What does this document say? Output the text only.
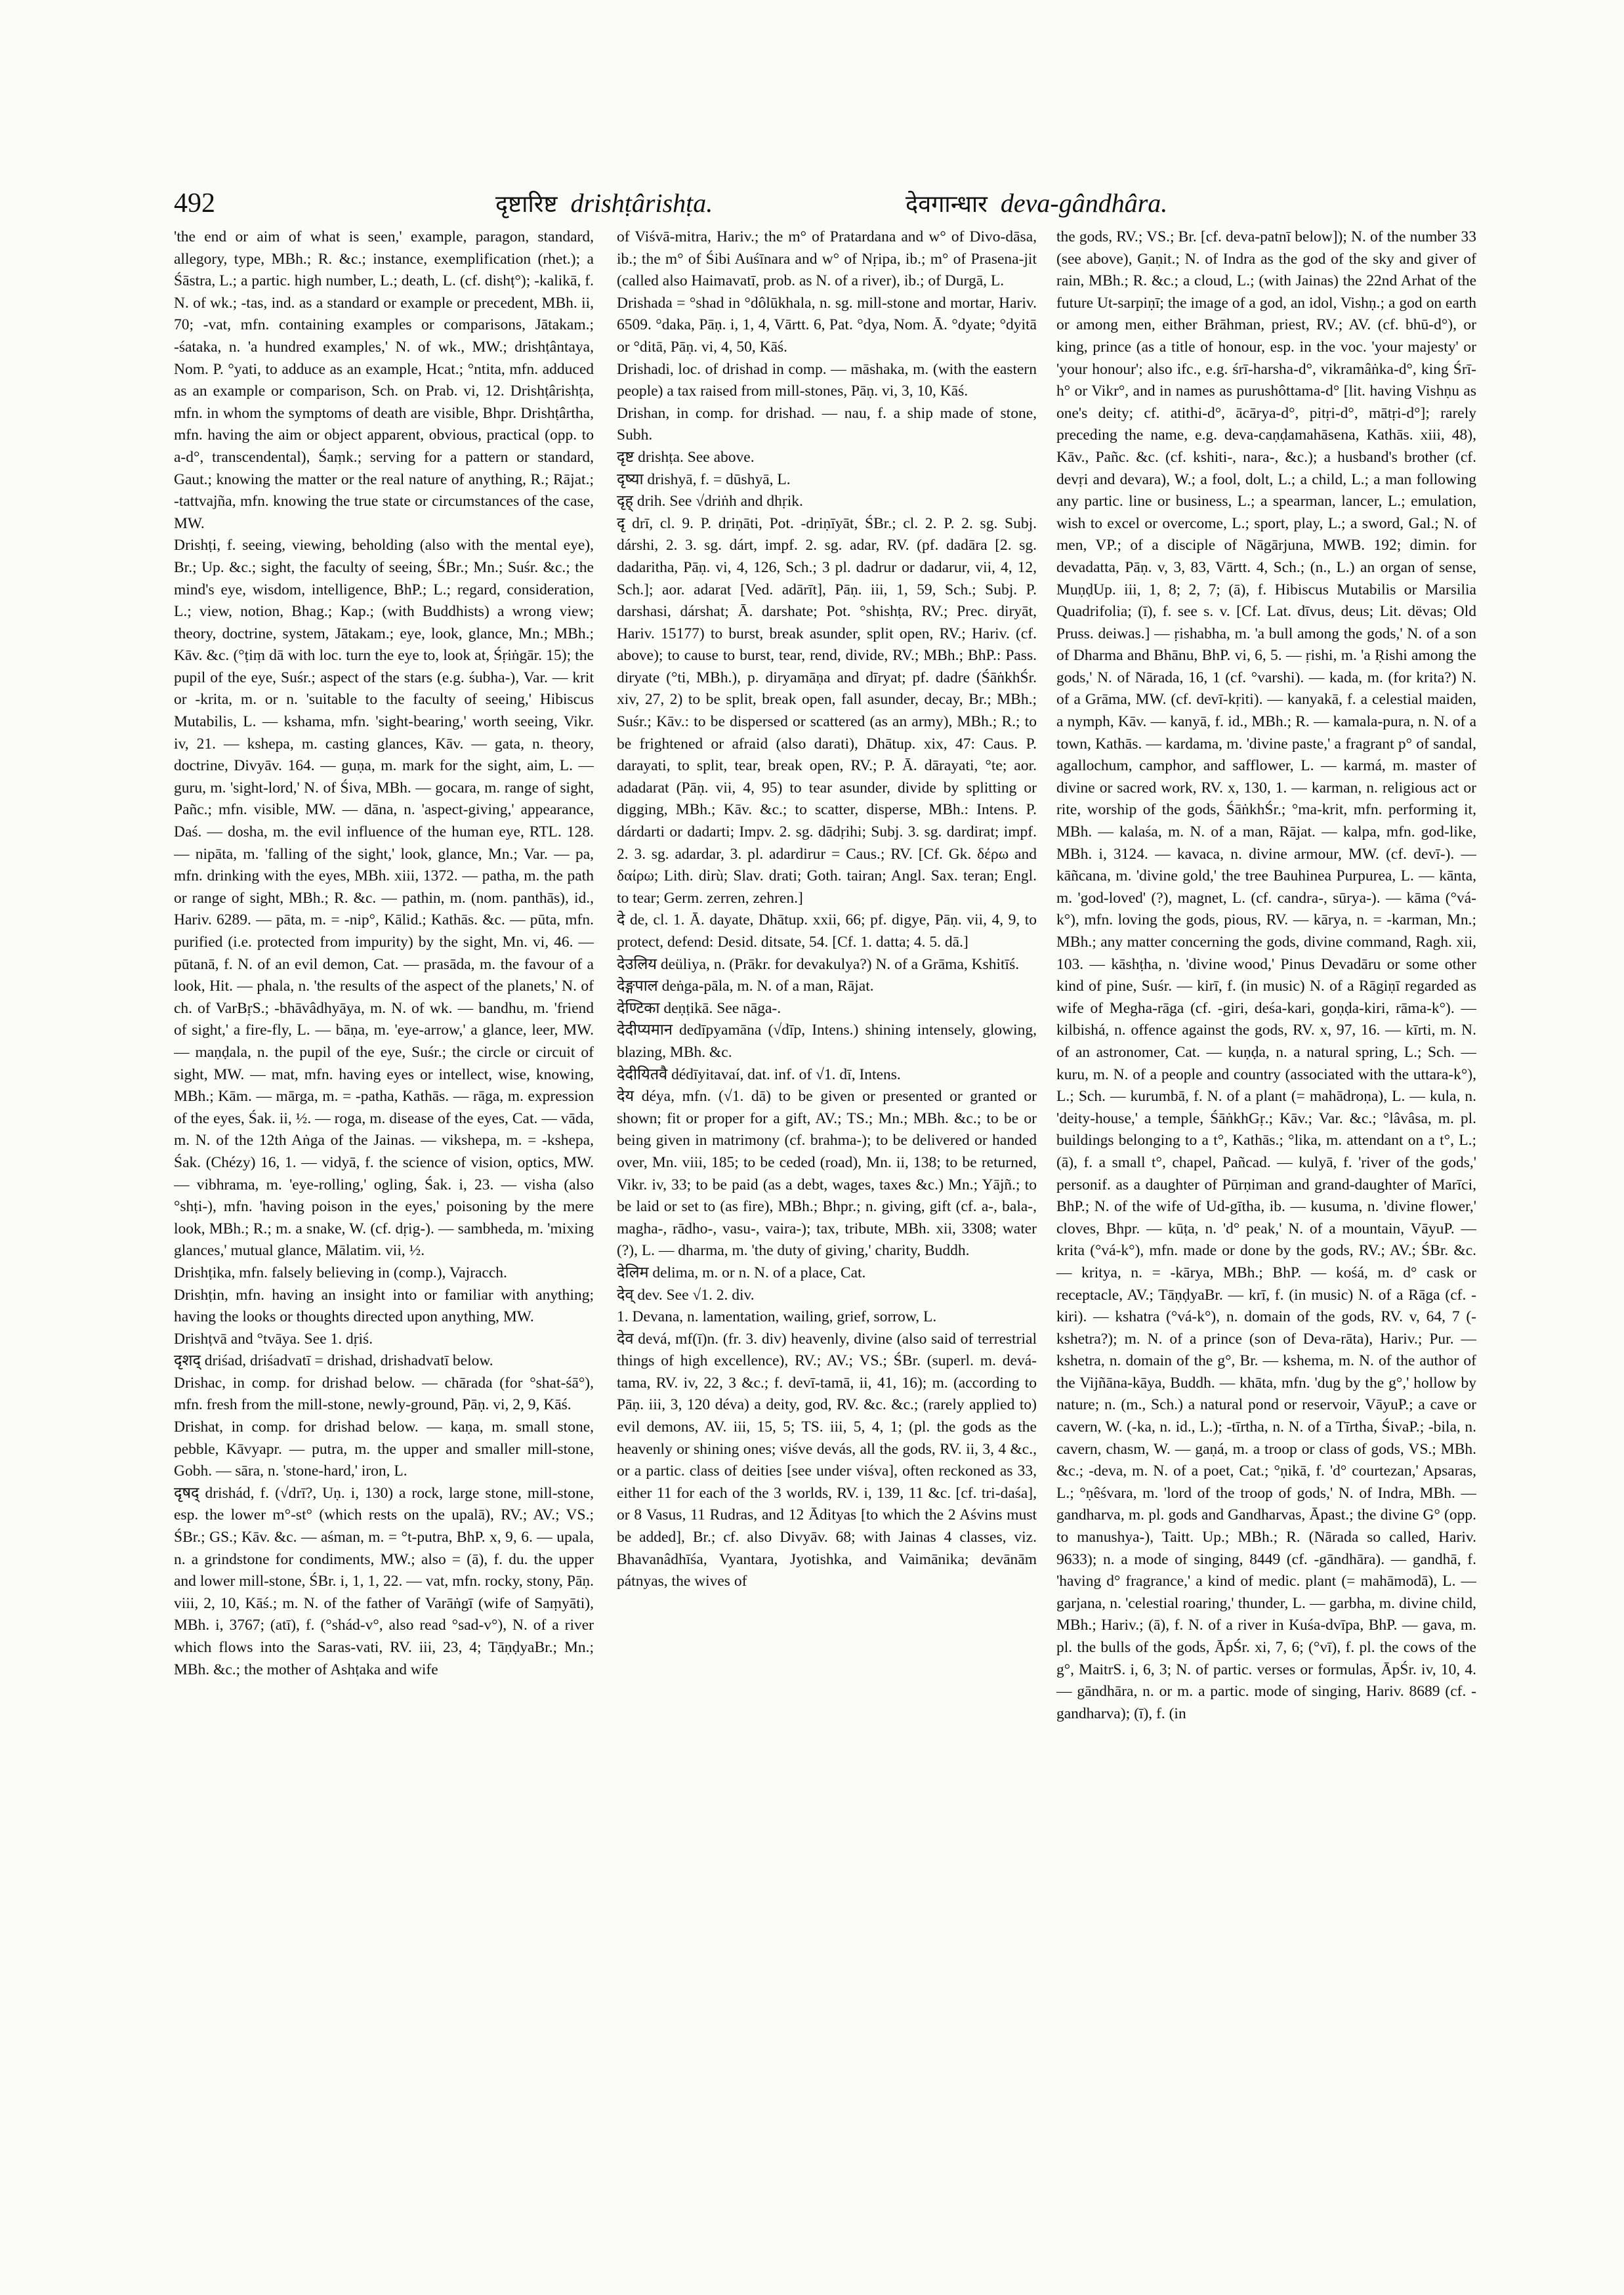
492	दृष्टारिष्ट drishṭârishṭa.	देवगान्धार deva-gândhâra.

'the end or aim of what is seen,' example, paragon, standard, allegory, type, MBh.; R. &c.; instance, exemplification (rhet.); a Śāstra, L.; a partic. high number, L.; death, L. (cf. dishṭ°); -kalikā, f. N. of wk.; -tas, ind. as a standard or example or precedent, MBh. ii, 70; -vat, mfn. containing examples or comparisons, Jātakam.; -śataka, n. 'a hundred examples,' N. of wk., MW.; drishṭântaya, Nom. P. °yati, to adduce as an example, Hcat.; °ntita, mfn. adduced as an example or comparison, Sch. on Prab. vi, 12. Drishṭârishṭa, mfn. in whom the symptoms of death are visible, Bhpr. Drishṭârtha, mfn. having the aim or object apparent, obvious, practical (opp. to a-d°, transcendental), Śaṃk.; serving for a pattern or standard, Gaut.; knowing the matter or the real nature of anything, R.; Rājat.; -tattvajña, mfn. knowing the true state or circumstances of the case, MW.

Drishṭi, f. seeing, viewing, beholding (also with the mental eye), Br.; Up. &c.; sight, the faculty of seeing, ŚBr.; Mn.; Suśr. &c.; the mind's eye, wisdom, intelligence, BhP.; L.; regard, consideration, L.; view, notion, Bhag.; Kap.; (with Buddhists) a wrong view; theory, doctrine, system, Jātakam.; eye, look, glance, Mn.; MBh.; Kāv. &c. (°ṭiṃ dā with loc. turn the eye to, look at, Śṛiṅgār. 15); the pupil of the eye, Suśr.; aspect of the stars (e.g. śubha-), Var. — krit or -krita, m. or n. 'suitable to the faculty of seeing,' Hibiscus Mutabilis, L. — kshama, mfn. 'sight-bearing,' worth seeing, Vikr. iv, 21. — kshepa, m. casting glances, Kāv. — gata, n. theory, doctrine, Divyāv. 164. — guṇa, m. mark for the sight, aim, L. — guru, m. 'sight-lord,' N. of Śiva, MBh. — gocara, m. range of sight, Pañc.; mfn. visible, MW. — dāna, n. 'aspect-giving,' appearance, Daś. — dosha, m. the evil influence of the human eye, RTL. 128. — nipāta, m. 'falling of the sight,' look, glance, Mn.; Var. — pa, mfn. drinking with the eyes, MBh. xiii, 1372. — patha, m. the path or range of sight, MBh.; R. &c. — pathin, m. (nom. panthās), id., Hariv. 6289. — pāta, m. = -nip°, Kālid.; Kathās. &c. — pūta, mfn. purified (i.e. protected from impurity) by the sight, Mn. vi, 46. — pūtanā, f. N. of an evil demon, Cat. — prasāda, m. the favour of a look, Hit. — phala, n. 'the results of the aspect of the planets,' N. of ch. of VarBṛS.; -bhāvâdhyāya, m. N. of wk. — bandhu, m. 'friend of sight,' a fire-fly, L. — bāṇa, m. 'eye-arrow,' a glance, leer, MW. — maṇḍala, n. the pupil of the eye, Suśr.; the circle or circuit of sight, MW. — mat, mfn. having eyes or intellect, wise, knowing, MBh.; Kām. — mārga, m. = -patha, Kathās. — rāga, m. expression of the eyes, Śak. ii, ½. — roga, m. disease of the eyes, Cat. — vāda, m. N. of the 12th Aṅga of the Jainas. — vikshepa, m. = -kshepa, Śak. (Chézy) 16, 1. — vidyā, f. the science of vision, optics, MW. — vibhrama, m. 'eye-rolling,' ogling, Śak. i, 23. — visha (also °shṭi-), mfn. 'having poison in the eyes,' poisoning by the mere look, MBh.; R.; m. a snake, W. (cf. dṛig-). — sambheda, m. 'mixing glances,' mutual glance, Mālatim. vii, ½.

Drishṭika, mfn. falsely believing in (comp.), Vajracch.

Drishṭin, mfn. having an insight into or familiar with anything; having the looks or thoughts directed upon anything, MW.

Drishṭvā and °tvāya. See 1. dṛiś.

दृशद् driśad, driśadvatī = drishad, drishadvatī below.

Drishac, in comp. for drishad below. — chārada (for °shat-śā°), mfn. fresh from the mill-stone, newly-ground, Pāṇ. vi, 2, 9, Kāś.

Drishat, in comp. for drishad below. — kaṇa, m. small stone, pebble, Kāvyapr. — putra, m. the upper and smaller mill-stone, Gobh. — sāra, n. 'stone-hard,' iron, L.

दृषद् drishád, f. (√drī?, Uṇ. i, 130) a rock, large stone, mill-stone, esp. the lower m°-st° (which rests on the upalā), RV.; AV.; VS.; ŚBr.; GS.; Kāv. &c. — aśman, m. = °t-putra, BhP. x, 9, 6. — upala, n. a grindstone for condiments, MW.; also = (ā), f. du. the upper and lower mill-stone, ŚBr. i, 1, 1, 22. — vat, mfn. rocky, stony, Pāṇ. viii, 2, 10, Kāś.; m. N. of the father of Varāṅgī (wife of Saṃyāti), MBh. i, 3767; (atī), f. (°shád-v°, also read °sad-v°), N. of a river which flows into the Saras-vati, RV. iii, 23, 4; TāṇḍyaBr.; Mn.; MBh. &c.; the mother of Ashṭaka and wife

of Viśvā-mitra, Hariv.; the m° of Pratardana and w° of Divo-dāsa, ib.; the m° of Śibi Auśīnara and w° of Nṛipa, ib.; m° of Prasena-jit (called also Haimavatī, prob. as N. of a river), ib.; of Durgā, L.

Drishada = °shad in °dôlūkhala, n. sg. mill-stone and mortar, Hariv. 6509. °daka, Pāṇ. i, 1, 4, Vārtt. 6, Pat. °dya, Nom. Ā. °dyate; °dyitā or °ditā, Pāṇ. vi, 4, 50, Kāś.

Drishadi, loc. of drishad in comp. — māshaka, m. (with the eastern people) a tax raised from mill-stones, Pāṇ. vi, 3, 10, Kāś.

Drishan, in comp. for drishad. — nau, f. a ship made of stone, Subh.

दृष्ट drishṭa. See above.

दृष्या drishyā, f. = dūshyā, L.

दृह् drih. See √driṅh and dhṛik.

दृ drī, cl. 9. P. driṇāti, Pot. -driṇīyāt, ŚBr.; cl. 2. P. 2. sg. Subj. dárshi, 2. 3. sg. dárt, impf. 2. sg. adar, RV. (pf. dadāra [2. sg. dadaritha, Pāṇ. vi, 4, 126, Sch.; 3 pl. dadrur or dadarur, vii, 4, 12, Sch.]; aor. adarat [Ved. adārīt], Pāṇ. iii, 1, 59, Sch.; Subj. P. darshasi, dárshat; Ā. darshate; Pot. °shishṭa, RV.; Prec. diryāt, Hariv. 15177) to burst, break asunder, split open, RV.; Hariv. (cf. above); to cause to burst, tear, rend, divide, RV.; MBh.; BhP.: Pass. diryate (°ti, MBh.), p. diryamāṇa and dīryat; pf. dadre (ŚāṅkhŚr. xiv, 27, 2) to be split, break open, fall asunder, decay, Br.; MBh.; Suśr.; Kāv.: to be dispersed or scattered (as an army), MBh.; R.; to be frightened or afraid (also darati), Dhātup. xix, 47: Caus. P. darayati, to split, tear, break open, RV.; P. Ā. dārayati, °te; aor. adadarat (Pāṇ. vii, 4, 95) to tear asunder, divide by splitting or digging, MBh.; Kāv. &c.; to scatter, disperse, MBh.: Intens. P. dárdarti or dadarti; Impv. 2. sg. dādṛihi; Subj. 3. sg. dardirat; impf. 2. 3. sg. adardar, 3. pl. adardirur = Caus.; RV. [Cf. Gk. δέρω and δαίρω; Lith. dirù; Slav. drati; Goth. tairan; Angl. Sax. teran; Engl. to tear; Germ. zerren, zehren.]

दे de, cl. 1. Ā. dayate, Dhātup. xxii, 66; pf. digye, Pāṇ. vii, 4, 9, to protect, defend: Desid. ditsate, 54. [Cf. 1. datta; 4. 5. dā.]

देउलिय deüliya, n. (Prākr. for devakulya?) N. of a Grāma, Kshitīś.

देङ्गपाल deṅga-pāla, m. N. of a man, Rājat.

देण्टिका deṇṭikā. See nāga-.

देदीप्यमान dedīpyamāna (√dīp, Intens.) shining intensely, glowing, blazing, MBh. &c.

देदीयितवै dédīyitavaí, dat. inf. of √1. dī, Intens.

देय déya, mfn. (√1. dā) to be given or presented or granted or shown; fit or proper for a gift, AV.; TS.; Mn.; MBh. &c.; to be or being given in matrimony (cf. brahma-); to be delivered or handed over, Mn. viii, 185; to be ceded (road), Mn. ii, 138; to be returned, Vikr. iv, 33; to be paid (as a debt, wages, taxes &c.) Mn.; Yājñ.; to be laid or set to (as fire), MBh.; Bhpr.; n. giving, gift (cf. a-, bala-, magha-, rādho-, vasu-, vaira-); tax, tribute, MBh. xii, 3308; water (?), L. — dharma, m. 'the duty of giving,' charity, Buddh.

देलिम delima, m. or n. N. of a place, Cat.

देव् dev. See √1. 2. div.

1. Devana, n. lamentation, wailing, grief, sorrow, L.

देव devá, mf(ī)n. (fr. 3. div) heavenly, divine (also said of terrestrial things of high excellence), RV.; AV.; VS.; ŚBr. (superl. m. devá-tama, RV. iv, 22, 3 &c.; f. devī-tamā, ii, 41, 16); m. (according to Pāṇ. iii, 3, 120 déva) a deity, god, RV. &c. &c.; (rarely applied to) evil demons, AV. iii, 15, 5; TS. iii, 5, 4, 1; (pl. the gods as the heavenly or shining ones; viśve devás, all the gods, RV. ii, 3, 4 &c., or a partic. class of deities [see under viśva], often reckoned as 33, either 11 for each of the 3 worlds, RV. i, 139, 11 &c. [cf. tri-daśa], or 8 Vasus, 11 Rudras, and 12 Ādityas [to which the 2 Aśvins must be added], Br.; cf. also Divyāv. 68; with Jainas 4 classes, viz. Bhavanâdhīśa, Vyantara, Jyotishka, and Vaimānika; devānām pátnyas, the wives of

the gods, RV.; VS.; Br. [cf. deva-patnī below]); N. of the number 33 (see above), Gaṇit.; N. of Indra as the god of the sky and giver of rain, MBh.; R. &c.; a cloud, L.; (with Jainas) the 22nd Arhat of the future Ut-sarpiṇī; the image of a god, an idol, Vishṇ.; a god on earth or among men, either Brāhman, priest, RV.; AV. (cf. bhū-d°), or king, prince (as a title of honour, esp. in the voc. 'your majesty' or 'your honour'; also ifc., e.g. śrī-harsha-d°, vikramâṅka-d°, king Śrī-h° or Vikr°, and in names as purushôttama-d° [lit. having Vishṇu as one's deity; cf. atithi-d°, ācārya-d°, pitṛi-d°, mātṛi-d°]; rarely preceding the name, e.g. deva-caṇḍamahāsena, Kathās. xiii, 48), Kāv., Pañc. &c. (cf. kshiti-, nara-, &c.); a husband's brother (cf. devṛi and devara), W.; a fool, dolt, L.; a child, L.; a man following any partic. line or business, L.; a spearman, lancer, L.; emulation, wish to excel or overcome, L.; sport, play, L.; a sword, Gal.; N. of men, VP.; of a disciple of Nāgārjuna, MWB. 192; dimin. for devadatta, Pāṇ. v, 3, 83, Vārtt. 4, Sch.; (n., L.) an organ of sense, MuṇḍUp. iii, 1, 8; 2, 7; (ā), f. Hibiscus Mutabilis or Marsilia Quadrifolia; (ī), f. see s. v. [Cf. Lat. dīvus, deus; Lit. dëvas; Old Pruss. deiwas.] — ṛishabha, m. 'a bull among the gods,' N. of a son of Dharma and Bhānu, BhP. vi, 6, 5. — ṛishi, m. 'a Ṛishi among the gods,' N. of Nārada, 16, 1 (cf. °varshi). — kada, m. (for krita?) N. of a Grāma, MW. (cf. devī-kṛiti). — kanyakā, f. a celestial maiden, a nymph, Kāv. — kanyā, f. id., MBh.; R. — kamala-pura, n. N. of a town, Kathās. — kardama, m. 'divine paste,' a fragrant p° of sandal, agallochum, camphor, and safflower, L. — karmá, m. master of divine or sacred work, RV. x, 130, 1. — karman, n. religious act or rite, worship of the gods, ŚāṅkhŚr.; °ma-krit, mfn. performing it, MBh. — kalaśa, m. N. of a man, Rājat. — kalpa, mfn. god-like, MBh. i, 3124. — kavaca, n. divine armour, MW. (cf. devī-). — kāñcana, m. 'divine gold,' the tree Bauhinea Purpurea, L. — kānta, m. 'god-loved' (?), magnet, L. (cf. candra-, sūrya-). — kāma (°vá-k°), mfn. loving the gods, pious, RV. — kārya, n. = -karman, Mn.; MBh.; any matter concerning the gods, divine command, Ragh. xii, 103. — kāshṭha, n. 'divine wood,' Pinus Devadāru or some other kind of pine, Suśr. — kirī, f. (in music) N. of a Rāgiṇī regarded as wife of Megha-rāga (cf. -giri, deśa-kari, goṇḍa-kiri, rāma-k°). — kilbishá, n. offence against the gods, RV. x, 97, 16. — kīrti, m. N. of an astronomer, Cat. — kuṇḍa, n. a natural spring, L.; Sch. — kuru, m. N. of a people and country (associated with the uttara-k°), L.; Sch. — kurumbā, f. N. of a plant (= mahādroṇa), L. — kula, n. 'deity-house,' a temple, ŚāṅkhGṛ.; Kāv.; Var. &c.; °lâvâsa, m. pl. buildings belonging to a t°, Kathās.; °lika, m. attendant on a t°, L.; (ā), f. a small t°, chapel, Pañcad. — kulyā, f. 'river of the gods,' personif. as a daughter of Pūrṇiman and grand-daughter of Marīci, BhP.; N. of the wife of Ud-gītha, ib. — kusuma, n. 'divine flower,' cloves, Bhpr. — kūṭa, n. 'd° peak,' N. of a mountain, VāyuP. — krita (°vá-k°), mfn. made or done by the gods, RV.; AV.; ŚBr. &c. — kritya, n. = -kārya, MBh.; BhP. — kośá, m. d° cask or receptacle, AV.; TāṇḍyaBr. — krī, f. (in music) N. of a Rāga (cf. -kiri). — kshatra (°vá-k°), n. domain of the gods, RV. v, 64, 7 (-kshetra?); m. N. of a prince (son of Deva-rāta), Hariv.; Pur. — kshetra, n. domain of the g°, Br. — kshema, m. N. of the author of the Vijñāna-kāya, Buddh. — khāta, mfn. 'dug by the g°,' hollow by nature; n. (m., Sch.) a natural pond or reservoir, VāyuP.; a cave or cavern, W. (-ka, n. id., L.); -tīrtha, n. N. of a Tīrtha, ŚivaP.; -bila, n. cavern, chasm, W. — gaṇá, m. a troop or class of gods, VS.; MBh. &c.; -deva, m. N. of a poet, Cat.; °ṇikā, f. 'd° courtezan,' Apsaras, L.; °ṇêśvara, m. 'lord of the troop of gods,' N. of Indra, MBh. — gandharva, m. pl. gods and Gandharvas, Āpast.; the divine G° (opp. to manushya-), Taitt. Up.; MBh.; R. (Nārada so called, Hariv. 9633); n. a mode of singing, 8449 (cf. -gāndhāra). — gandhā, f. 'having d° fragrance,' a kind of medic. plant (= mahāmodā), L. — garjana, n. 'celestial roaring,' thunder, L. — garbha, m. divine child, MBh.; Hariv.; (ā), f. N. of a river in Kuśa-dvīpa, BhP. — gava, m. pl. the bulls of the gods, ĀpŚr. xi, 7, 6; (°vī), f. pl. the cows of the g°, MaitrS. i, 6, 3; N. of partic. verses or formulas, ĀpŚr. iv, 10, 4. — gāndhāra, n. or m. a partic. mode of singing, Hariv. 8689 (cf. -gandharva); (ī), f. (in
